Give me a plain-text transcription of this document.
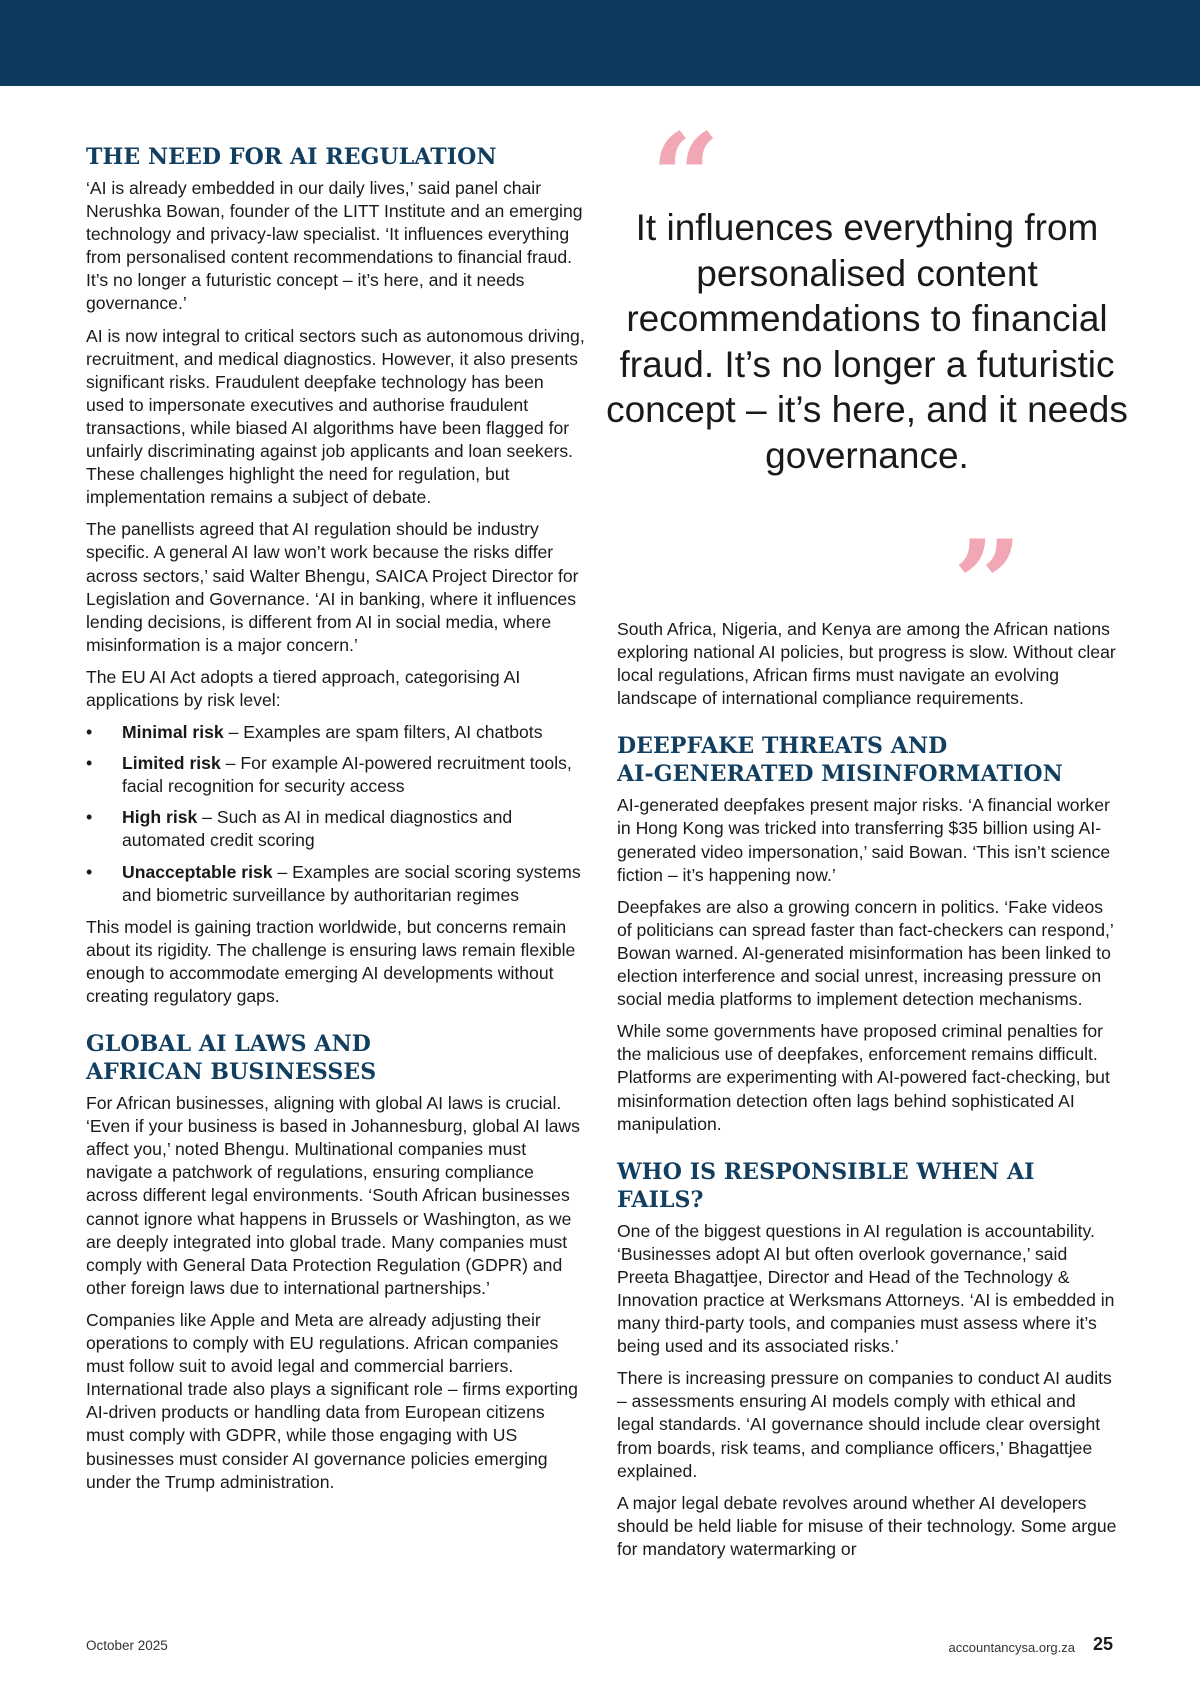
THE NEED FOR AI REGULATION

‘AI is already embedded in our daily lives,’ said panel chair Nerushka Bowan, founder of the LITT Institute and an emerging technology and privacy-law specialist. ‘It influences everything from personalised content recommendations to financial fraud. It’s no longer a futuristic concept – it’s here, and it needs governance.’

AI is now integral to critical sectors such as autonomous driving, recruitment, and medical diagnostics. However, it also presents significant risks. Fraudulent deepfake technology has been used to impersonate executives and authorise fraudulent transactions, while biased AI algorithms have been flagged for unfairly discriminating against job applicants and loan seekers. These challenges highlight the need for regulation, but implementation remains a subject of debate.

The panellists agreed that AI regulation should be industry specific. A general AI law won’t work because the risks differ across sectors,’ said Walter Bhengu, SAICA Project Director for Legislation and Governance. ‘AI in banking, where it influences lending decisions, is different from AI in social media, where misinformation is a major concern.’

The EU AI Act adopts a tiered approach, categorising AI applications by risk level:

• Minimal risk – Examples are spam filters, AI chatbots
• Limited risk – For example AI-powered recruitment tools, facial recognition for security access
• High risk – Such as AI in medical diagnostics and automated credit scoring
• Unacceptable risk – Examples are social scoring systems and biometric surveillance by authoritarian regimes

This model is gaining traction worldwide, but concerns remain about its rigidity. The challenge is ensuring laws remain flexible enough to accommodate emerging AI developments without creating regulatory gaps.

GLOBAL AI LAWS AND
AFRICAN BUSINESSES

For African businesses, aligning with global AI laws is crucial. ‘Even if your business is based in Johannesburg, global AI laws affect you,’ noted Bhengu. Multinational companies must navigate a patchwork of regulations, ensuring compliance across different legal environments. ‘South African businesses cannot ignore what happens in Brussels or Washington, as we are deeply integrated into global trade. Many companies must comply with General Data Protection Regulation (GDPR) and other foreign laws due to international partnerships.’

Companies like Apple and Meta are already adjusting their operations to comply with EU regulations. African companies must follow suit to avoid legal and commercial barriers. International trade also plays a significant role – firms exporting AI-driven products or handling data from European citizens must comply with GDPR, while those engaging with US businesses must consider AI governance policies emerging under the Trump administration.

“

It influences everything from personalised content recommendations to financial fraud. It’s no longer a futuristic concept – it’s here, and it needs governance.

”

South Africa, Nigeria, and Kenya are among the African nations exploring national AI policies, but progress is slow. Without clear local regulations, African firms must navigate an evolving landscape of international compliance requirements.

DEEPFAKE THREATS AND
AI-GENERATED MISINFORMATION

AI-generated deepfakes present major risks. ‘A financial worker in Hong Kong was tricked into transferring $35 billion using AI-generated video impersonation,’ said Bowan. ‘This isn’t science fiction – it’s happening now.’

Deepfakes are also a growing concern in politics. ‘Fake videos of politicians can spread faster than fact-checkers can respond,’ Bowan warned. AI-generated misinformation has been linked to election interference and social unrest, increasing pressure on social media platforms to implement detection mechanisms.

While some governments have proposed criminal penalties for the malicious use of deepfakes, enforcement remains difficult. Platforms are experimenting with AI-powered fact-checking, but misinformation detection often lags behind sophisticated AI manipulation.

WHO IS RESPONSIBLE WHEN AI FAILS?

One of the biggest questions in AI regulation is accountability. ‘Businesses adopt AI but often overlook governance,’ said Preeta Bhagattjee, Director and Head of the Technology & Innovation practice at Werksmans Attorneys. ‘AI is embedded in many third-party tools, and companies must assess where it’s being used and its associated risks.’

There is increasing pressure on companies to conduct AI audits – assessments ensuring AI models comply with ethical and legal standards. ‘AI governance should include clear oversight from boards, risk teams, and compliance officers,’ Bhagattjee explained.

A major legal debate revolves around whether AI developers should be held liable for misuse of their technology. Some argue for mandatory watermarking or

October 2025	accountancysa.org.za 25
